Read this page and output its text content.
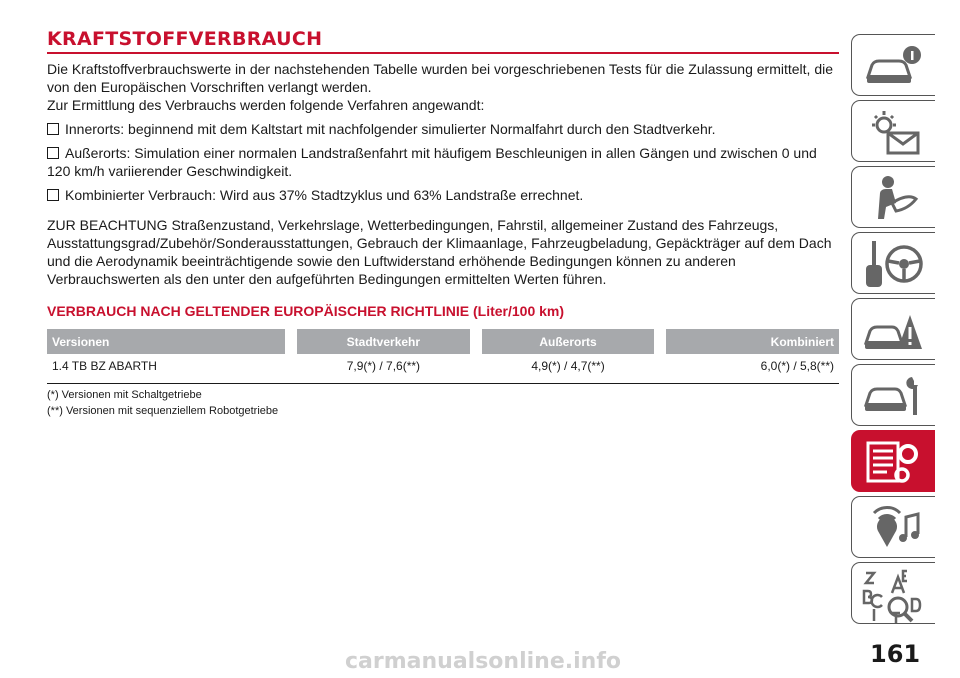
KRAFTSTOFFVERBRAUCH

Die Kraftstoffverbrauchswerte in der nachstehenden Tabelle wurden bei vorgeschriebenen Tests für die Zulassung ermittelt, die von den Europäischen Vorschriften verlangt werden.

Zur Ermittlung des Verbrauchs werden folgende Verfahren angewandt:

Innerorts: beginnend mit dem Kaltstart mit nachfolgender simulierter Normalfahrt durch den Stadtverkehr.

Außerorts: Simulation einer normalen Landstraßenfahrt mit häufigem Beschleunigen in allen Gängen und zwischen 0 und 120 km/h variierender Geschwindigkeit.

Kombinierter Verbrauch: Wird aus 37% Stadtzyklus und 63% Landstraße errechnet.

ZUR BEACHTUNG Straßenzustand, Verkehrslage, Wetterbedingungen, Fahrstil, allgemeiner Zustand des Fahrzeugs, Ausstattungsgrad/Zubehör/Sonderausstattungen, Gebrauch der Klimaanlage, Fahrzeugbeladung, Gepäckträger auf dem Dach und die Aerodynamik beeinträchtigende sowie den Luftwiderstand erhöhende Bedingungen können zu anderen Verbrauchswerten als den unter den aufgeführten Bedingungen ermittelten Werten führen.

VERBRAUCH NACH GELTENDER EUROPÄISCHER RICHTLINIE (Liter/100 km)
Versionen		Stadtverkehr		Außerorts		Kombiniert
1.4 TB BZ ABARTH		7,9(*) / 7,6(**)		4,9(*) / 4,7(**)		6,0(*) / 5,8(**)
(*) Versionen mit Schaltgetriebe
(**) Versionen mit sequenziellem Robotgetriebe
161
carmanualsonline.info
